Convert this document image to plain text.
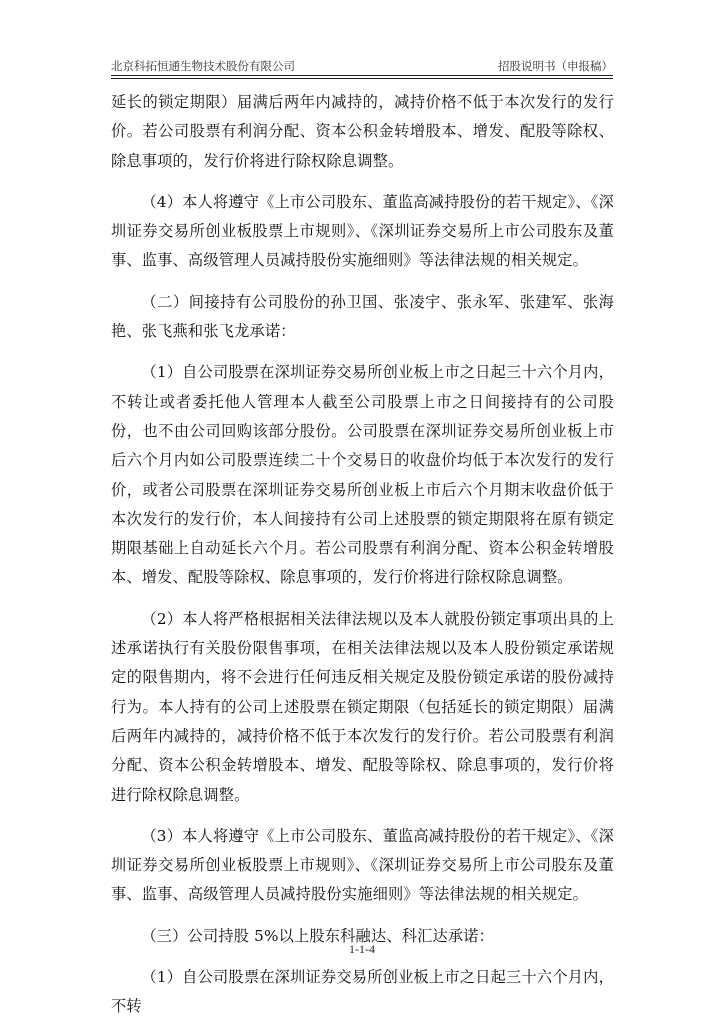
北京科拓恒通生物技术股份有限公司	招股说明书（申报稿）

延长的锁定期限）届满后两年内减持的，减持价格不低于本次发行的发行价。若公司股票有利润分配、资本公积金转增股本、增发、配股等除权、除息事项的，发行价将进行除权除息调整。

（4）本人将遵守《上市公司股东、董监高减持股份的若干规定》、《深圳证券交易所创业板股票上市规则》、《深圳证券交易所上市公司股东及董事、监事、高级管理人员减持股份实施细则》等法律法规的相关规定。

（二）间接持有公司股份的孙卫国、张凌宇、张永军、张建军、张海艳、张飞燕和张飞龙承诺：

（1）自公司股票在深圳证券交易所创业板上市之日起三十六个月内，不转让或者委托他人管理本人截至公司股票上市之日间接持有的公司股份，也不由公司回购该部分股份。公司股票在深圳证券交易所创业板上市后六个月内如公司股票连续二十个交易日的收盘价均低于本次发行的发行价，或者公司股票在深圳证券交易所创业板上市后六个月期末收盘价低于本次发行的发行价，本人间接持有公司上述股票的锁定期限将在原有锁定期限基础上自动延长六个月。若公司股票有利润分配、资本公积金转增股本、增发、配股等除权、除息事项的，发行价将进行除权除息调整。

（2）本人将严格根据相关法律法规以及本人就股份锁定事项出具的上述承诺执行有关股份限售事项，在相关法律法规以及本人股份锁定承诺规定的限售期内，将不会进行任何违反相关规定及股份锁定承诺的股份减持行为。本人持有的公司上述股票在锁定期限（包括延长的锁定期限）届满后两年内减持的，减持价格不低于本次发行的发行价。若公司股票有利润分配、资本公积金转增股本、增发、配股等除权、除息事项的，发行价将进行除权除息调整。

（3）本人将遵守《上市公司股东、董监高减持股份的若干规定》、《深圳证券交易所创业板股票上市规则》、《深圳证券交易所上市公司股东及董事、监事、高级管理人员减持股份实施细则》等法律法规的相关规定。

（三）公司持股 5%以上股东科融达、科汇达承诺：

（1）自公司股票在深圳证券交易所创业板上市之日起三十六个月内，不转

1-1-4
